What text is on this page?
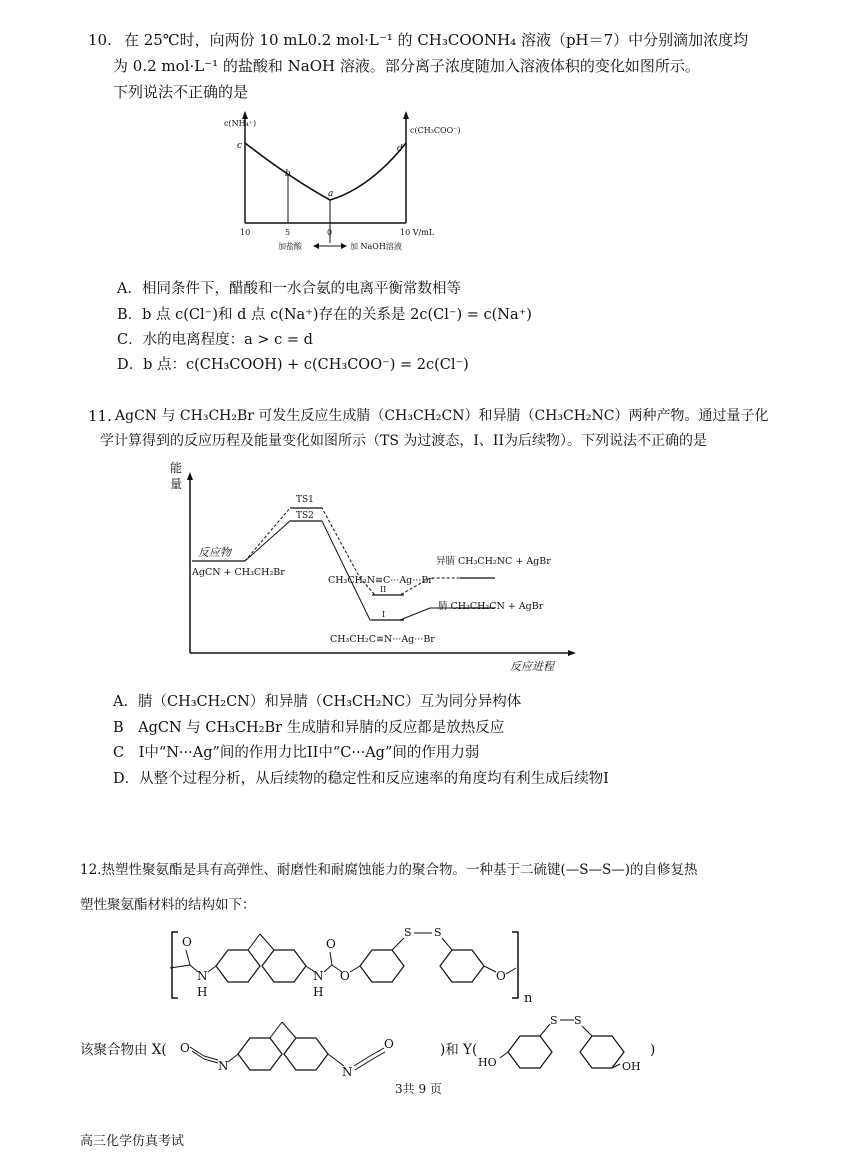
10. 在 25℃时，向两份 10 mL0.2 mol·L⁻¹ 的 CH₃COONH₄ 溶液（pH＝7）中分别滴加浓度均
为 0.2 mol·L⁻¹ 的盐酸和 NaOH 溶液。部分离子浓度随加入溶液体积的变化如图所示。
下列说法不正确的是
c(NH₄⁺)
c(CH₃COO⁻)
c
b
a
d
10	5	0	10 V/mL
加盐酸	加 NaOH溶液
A．相同条件下，醋酸和一水合氨的电离平衡常数相等
B．b 点 c(Cl⁻)和 d 点 c(Na⁺)存在的关系是 2c(Cl⁻) = c(Na⁺)
C．水的电离程度：a > c = d
D．b 点：c(CH₃COOH) + c(CH₃COO⁻) = 2c(Cl⁻)
11. AgCN 与 CH₃CH₂Br 可发生反应生成腈（CH₃CH₂CN）和异腈（CH₃CH₂NC）两种产物。通过量子化
学计算得到的反应历程及能量变化如图所示（TS 为过渡态，I、II为后续物）。下列说法不正确的是
能
量
反应物
AgCN + CH₃CH₂Br
TS1
TS2
CH₃CH₂N≡C···Ag···Br
II
I
CH₃CH₂C≡N···Ag···Br
异腈 CH₃CH₂NC + AgBr
腈 CH₃CH₂CN + AgBr
反应进程
A．腈（CH₃CH₂CN）和异腈（CH₃CH₂NC）互为同分异构体
B　AgCN 与 CH₃CH₂Br 生成腈和异腈的反应都是放热反应
C　I中“N···Ag”间的作用力比II中“C···Ag”间的作用力弱
D．从整个过程分析，从后续物的稳定性和反应速率的角度均有利生成后续物I
12.热塑性聚氨酯是具有高弹性、耐磨性和耐腐蚀能力的聚合物。一种基于二硫键(—S—S—)的自修复热
塑性聚氨酯材料的结构如下：
n
O
N
H
N
H
O
O
S S
O
该聚合物由 X( O
N	N
O	)和 Y(
HO
S S
OH
)
3共 9 页
高三化学仿真考试
